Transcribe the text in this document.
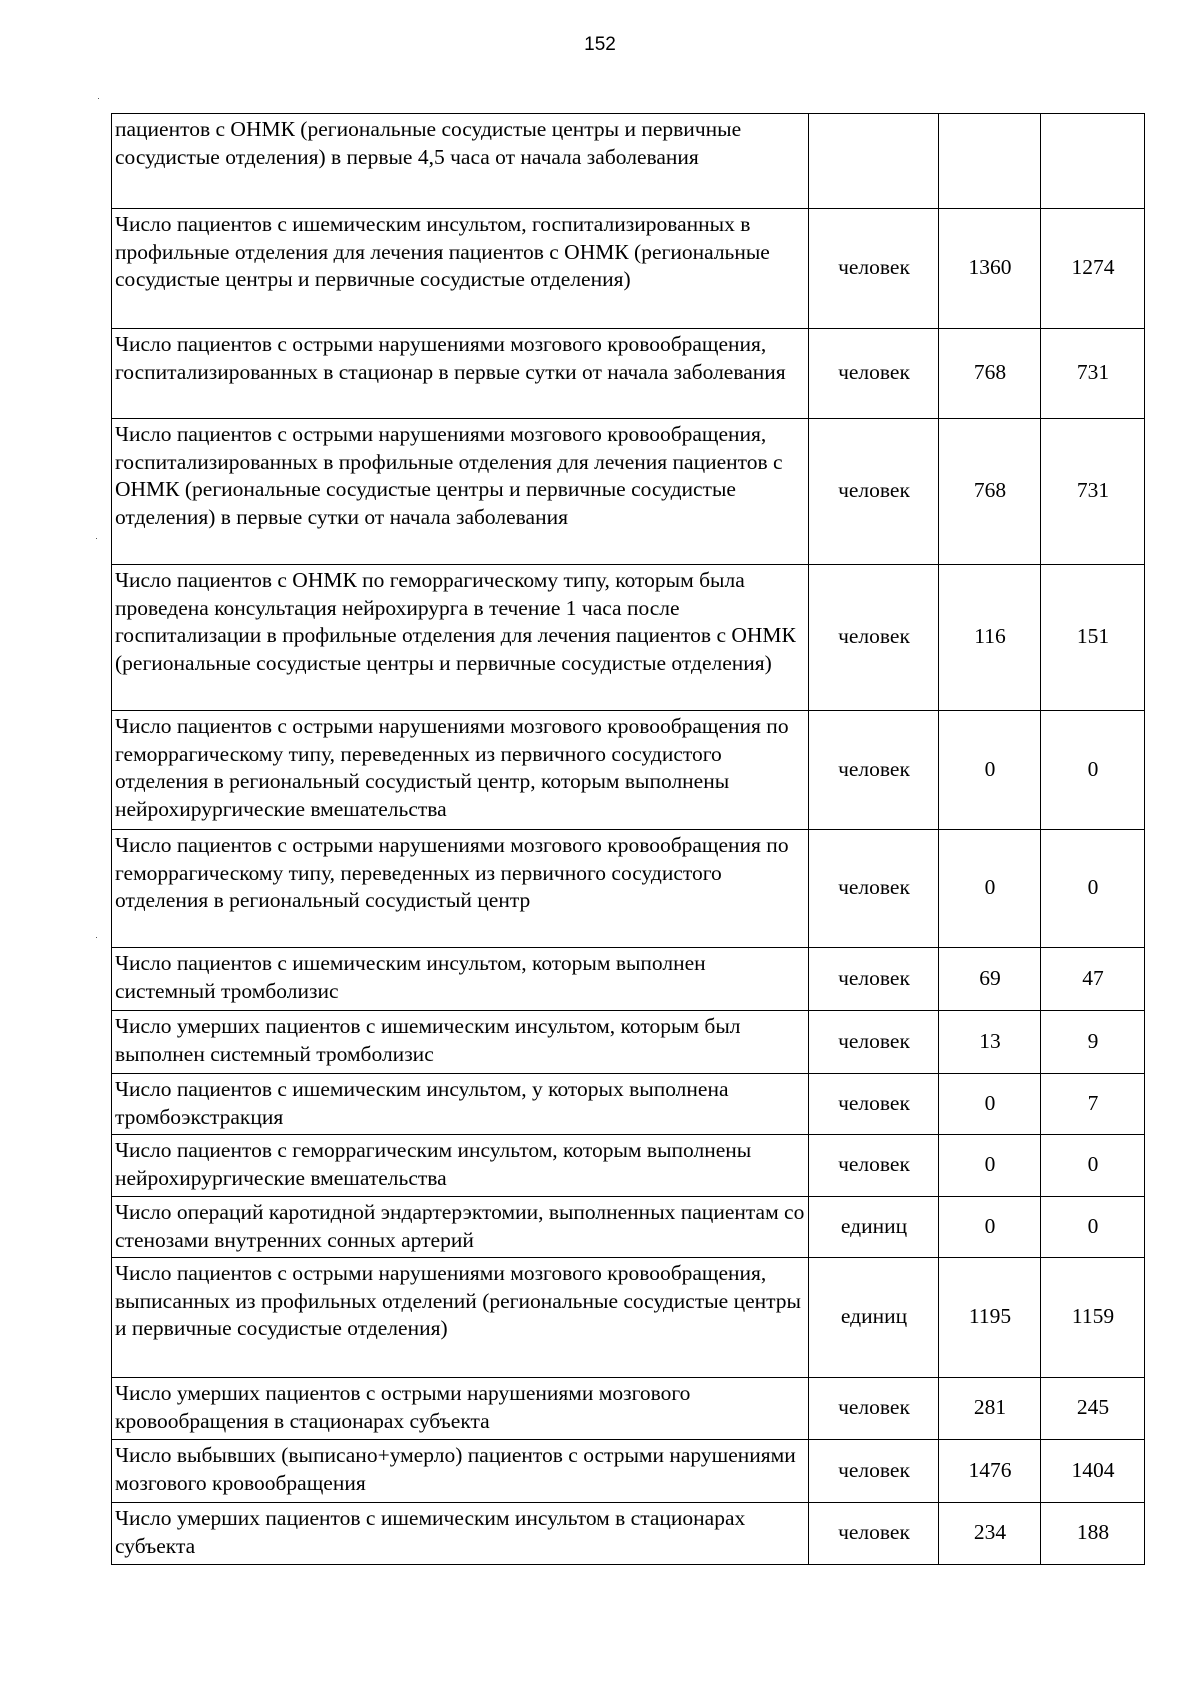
152
пациентов с ОНМК (региональные сосудистые центры и первичные сосудистые отделения) в первые 4,5 часа от начала заболевания			
Число пациентов с ишемическим инсультом, госпитализированных в профильные отделения для лечения пациентов с ОНМК (региональные сосудистые центры и первичные сосудистые отделения)	человек	1360	1274
Число пациентов с острыми нарушениями мозгового кровообращения, госпитализированных в стационар в первые сутки от начала заболевания	человек	768	731
Число пациентов с острыми нарушениями мозгового кровообращения, госпитализированных в профильные отделения для лечения пациентов с ОНМК (региональные сосудистые центры и первичные сосудистые отделения) в первые сутки от начала заболевания	человек	768	731
Число пациентов с ОНМК по геморрагическому типу, которым была проведена консультация нейрохирурга в течение 1 часа после госпитализации в профильные отделения для лечения пациентов с ОНМК (региональные сосудистые центры и первичные сосудистые отделения)	человек	116	151
Число пациентов с острыми нарушениями мозгового кровообращения по геморрагическому типу, переведенных из первичного сосудистого отделения в региональный сосудистый центр, которым выполнены нейрохирургические вмешательства	человек	0	0
Число пациентов с острыми нарушениями мозгового кровообращения по геморрагическому типу, переведенных из первичного сосудистого отделения в региональный сосудистый центр	человек	0	0
Число пациентов с ишемическим инсультом, которым выполнен системный тромболизис	человек	69	47
Число умерших пациентов с ишемическим инсультом, которым был выполнен системный тромболизис	человек	13	9
Число пациентов с ишемическим инсультом, у которых выполнена тромбоэкстракция	человек	0	7
Число пациентов с геморрагическим инсультом, которым выполнены нейрохирургические вмешательства	человек	0	0
Число операций каротидной эндартерэктомии, выполненных пациентам со стенозами внутренних сонных артерий	единиц	0	0
Число пациентов с острыми нарушениями мозгового кровообращения, выписанных из профильных отделений (региональные сосудистые центры и первичные сосудистые отделения)	единиц	1195	1159
Число умерших пациентов с острыми нарушениями мозгового кровообращения в стационарах субъекта	человек	281	245
Число выбывших (выписано+умерло) пациентов с острыми нарушениями мозгового кровообращения	человек	1476	1404
Число умерших пациентов с ишемическим инсультом в стационарах субъекта	человек	234	188
